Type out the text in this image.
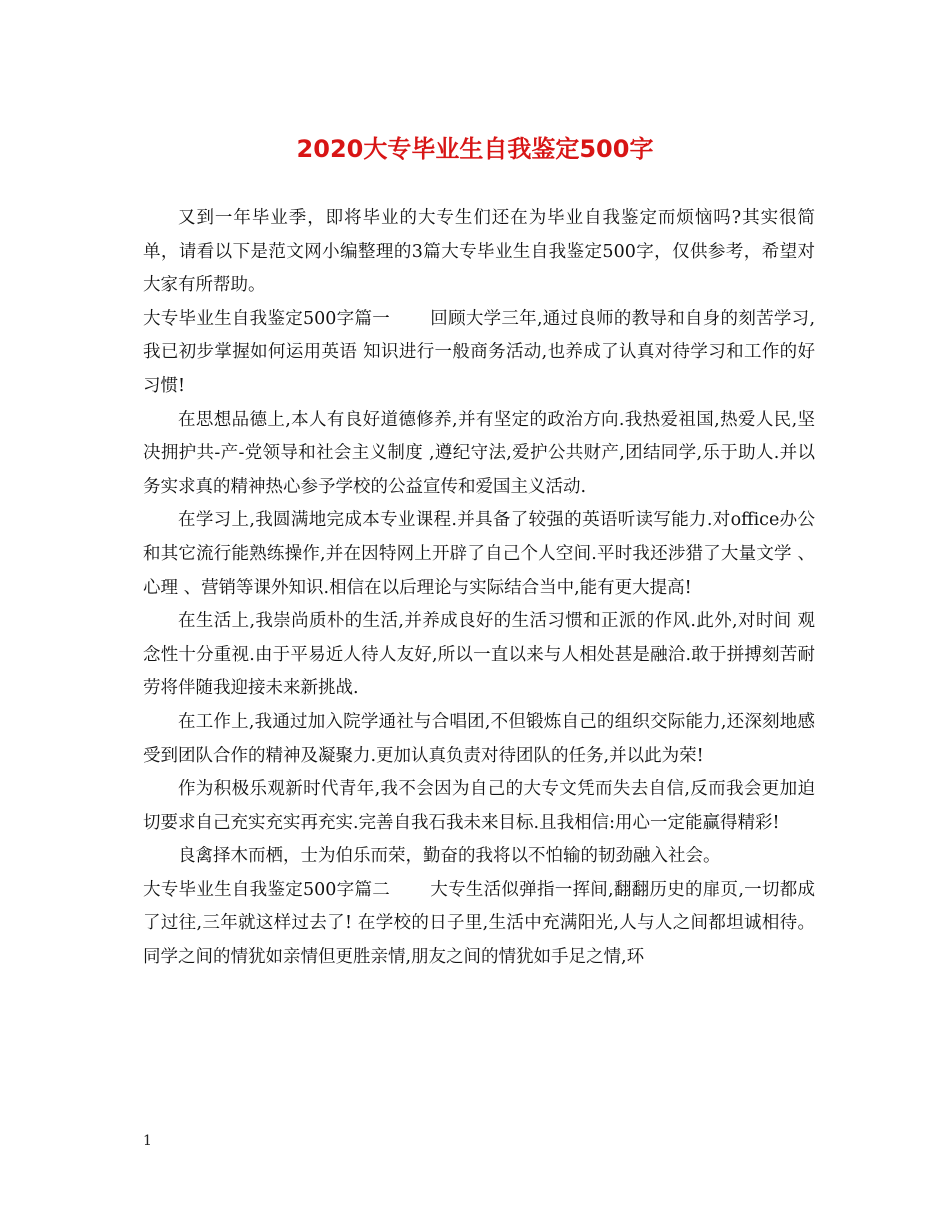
2020大专毕业生自我鉴定500字

又到一年毕业季，即将毕业的大专生们还在为毕业自我鉴定而烦恼吗?其实很简单，请看以下是范文网小编整理的3篇大专毕业生自我鉴定500字，仅供参考，希望对大家有所帮助。

大专毕业生自我鉴定500字篇一 回顾大学三年,通过良师的教导和自身的刻苦学习,我已初步掌握如何运用英语 知识进行一般商务活动,也养成了认真对待学习和工作的好习惯!

在思想品德上,本人有良好道德修养,并有坚定的政治方向.我热爱祖国,热爱人民,坚决拥护共-产-党领导和社会主义制度 ,遵纪守法,爱护公共财产,团结同学,乐于助人.并以务实求真的精神热心参予学校的公益宣传和爱国主义活动.

在学习上,我圆满地完成本专业课程.并具备了较强的英语听读写能力.对office办公和其它流行能熟练操作,并在因特网上开辟了自己个人空间.平时我还涉猎了大量文学 、心理 、营销等课外知识.相信在以后理论与实际结合当中,能有更大提高!

在生活上,我崇尚质朴的生活,并养成良好的生活习惯和正派的作风.此外,对时间 观念性十分重视.由于平易近人待人友好,所以一直以来与人相处甚是融洽.敢于拼搏刻苦耐劳将伴随我迎接未来新挑战.

在工作上,我通过加入院学通社与合唱团,不但锻炼自己的组织交际能力,还深刻地感受到团队合作的精神及凝聚力.更加认真负责对待团队的任务,并以此为荣!

作为积极乐观新时代青年,我不会因为自己的大专文凭而失去自信,反而我会更加迫切要求自己充实充实再充实.完善自我石我未来目标.且我相信:用心一定能赢得精彩!

良禽择木而栖，士为伯乐而荣，勤奋的我将以不怕输的韧劲融入社会。

大专毕业生自我鉴定500字篇二 大专生活似弹指一挥间,翻翻历史的扉页,一切都成了过往,三年就这样过去了! 在学校的日子里,生活中充满阳光,人与人之间都坦诚相待。同学之间的情犹如亲情但更胜亲情,朋友之间的情犹如手足之情,环

1
